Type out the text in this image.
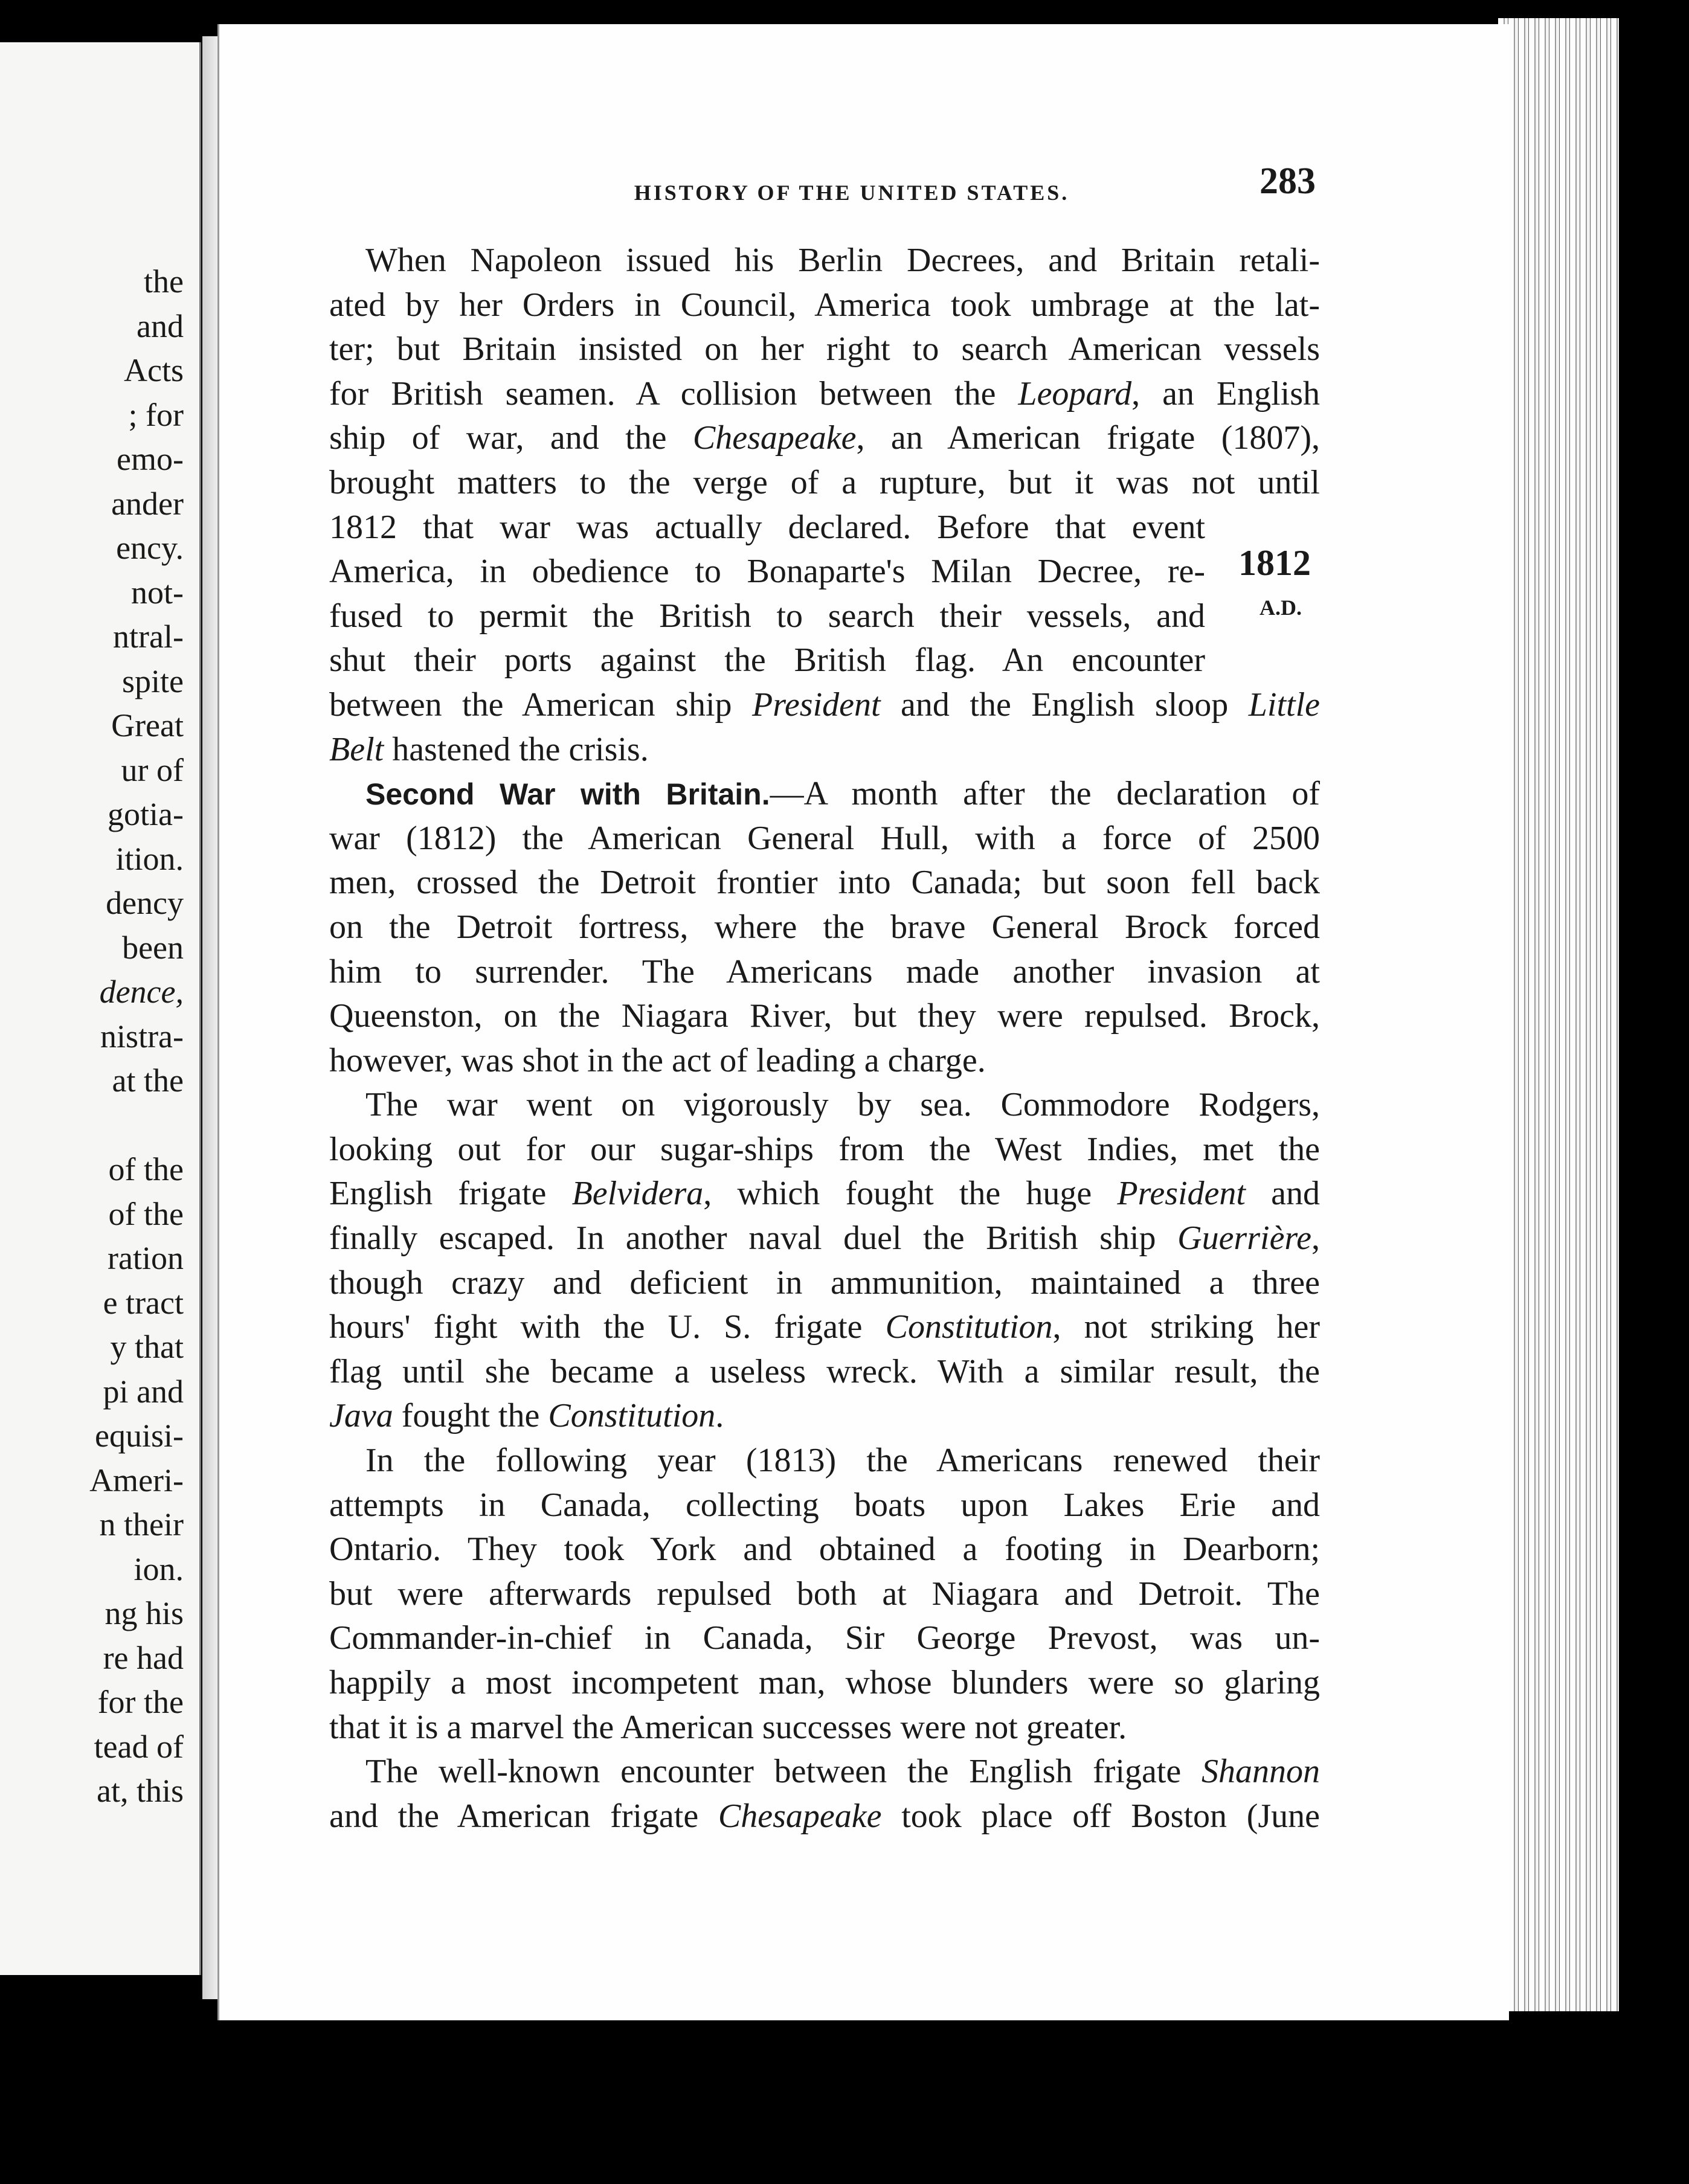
the
and
Acts
; for
emo-
ander
ency.
not-
ntral-
spite
Great
ur of
gotia-
ition.
dency
been
dence,
nistra-
at the
of the
of the
ration
e tract
y that
pi and
equisi-
Ameri-
n their
ion.
ng his
re had
for the
tead of
at, this
HISTORY OF THE UNITED STATES.	283
1812
A.D.

When Napoleon issued his Berlin Decrees, and Britain retali-
ated by her Orders in Council, America took umbrage at the lat-
ter; but Britain insisted on her right to search American vessels
for British seamen. A collision between the Leopard, an English
ship of war, and the Chesapeake, an American frigate (1807),
brought matters to the verge of a rupture, but it was not until
1812 that war was actually declared. Before that event
America, in obedience to Bonaparte's Milan Decree, re-
fused to permit the British to search their vessels, and
shut their ports against the British flag. An encounter
between the American ship President and the English sloop Little
Belt hastened the crisis.

Second War with Britain.—A month after the declaration of
war (1812) the American General Hull, with a force of 2500
men, crossed the Detroit frontier into Canada; but soon fell back
on the Detroit fortress, where the brave General Brock forced
him to surrender. The Americans made another invasion at
Queenston, on the Niagara River, but they were repulsed. Brock,
however, was shot in the act of leading a charge.

The war went on vigorously by sea. Commodore Rodgers,
looking out for our sugar-ships from the West Indies, met the
English frigate Belvidera, which fought the huge President and
finally escaped. In another naval duel the British ship Guerrière,
though crazy and deficient in ammunition, maintained a three
hours' fight with the U. S. frigate Constitution, not striking her
flag until she became a useless wreck. With a similar result, the
Java fought the Constitution.

In the following year (1813) the Americans renewed their
attempts in Canada, collecting boats upon Lakes Erie and
Ontario. They took York and obtained a footing in Dearborn;
but were afterwards repulsed both at Niagara and Detroit. The
Commander-in-chief in Canada, Sir George Prevost, was un-
happily a most incompetent man, whose blunders were so glaring
that it is a marvel the American successes were not greater.

The well-known encounter between the English frigate Shannon
and the American frigate Chesapeake took place off Boston (June
